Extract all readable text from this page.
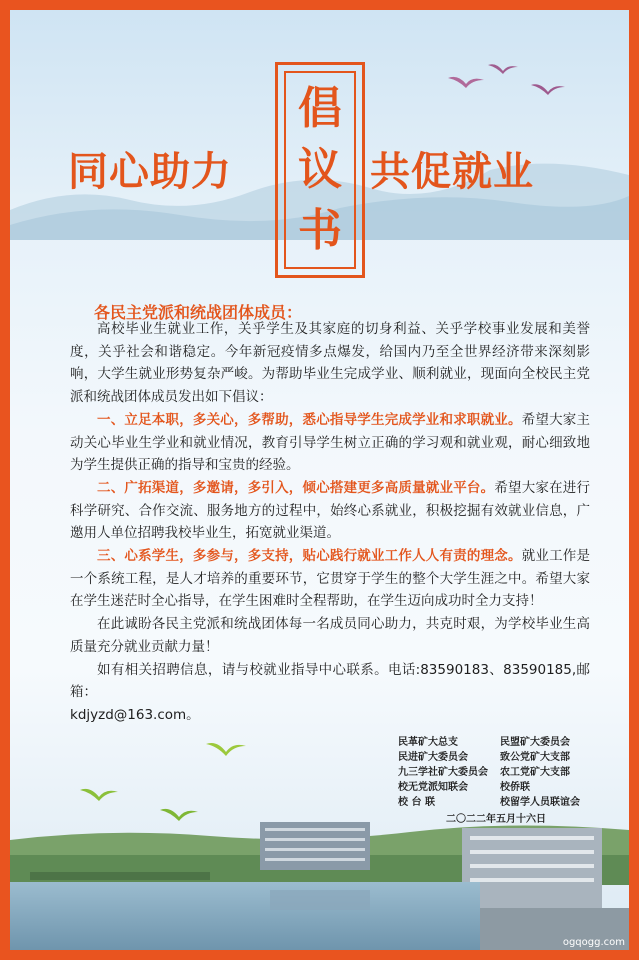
同心助力
倡
议
书
共促就业
各民主党派和统战团体成员：

高校毕业生就业工作，关乎学生及其家庭的切身利益、关乎学校事业发展和美誉度，关乎社会和谐稳定。今年新冠疫情多点爆发，给国内乃至全世界经济带来深刻影响，大学生就业形势复杂严峻。为帮助毕业生完成学业、顺利就业，现面向全校民主党派和统战团体成员发出如下倡议：

一、立足本职，多关心，多帮助，悉心指导学生完成学业和求职就业。希望大家主动关心毕业生学业和就业情况，教育引导学生树立正确的学习观和就业观，耐心细致地为学生提供正确的指导和宝贵的经验。

二、广拓渠道，多邀请，多引入，倾心搭建更多高质量就业平台。希望大家在进行科学研究、合作交流、服务地方的过程中，始终心系就业，积极挖掘有效就业信息，广邀用人单位招聘我校毕业生，拓宽就业渠道。

三、心系学生，多参与，多支持，贴心践行就业工作人人有责的理念。就业工作是一个系统工程，是人才培养的重要环节，它贯穿于学生的整个大学生涯之中。希望大家在学生迷茫时全心指导，在学生困难时全程帮助，在学生迈向成功时全力支持！

在此诚盼各民主党派和统战团体每一名成员同心助力，共克时艰，为学校毕业生高质量充分就业贡献力量！

如有相关招聘信息，请与校就业指导中心联系。电话:83590183、83590185,邮箱：

kdjyzd@163.com。

民革矿大总支	民盟矿大委员会
民进矿大委员会	致公党矿大支部
九三学社矿大委员会	农工党矿大支部
校无党派知联会	校侨联
校 台 联	校留学人员联谊会
二〇二二年五月十六日
ogqogg.com
